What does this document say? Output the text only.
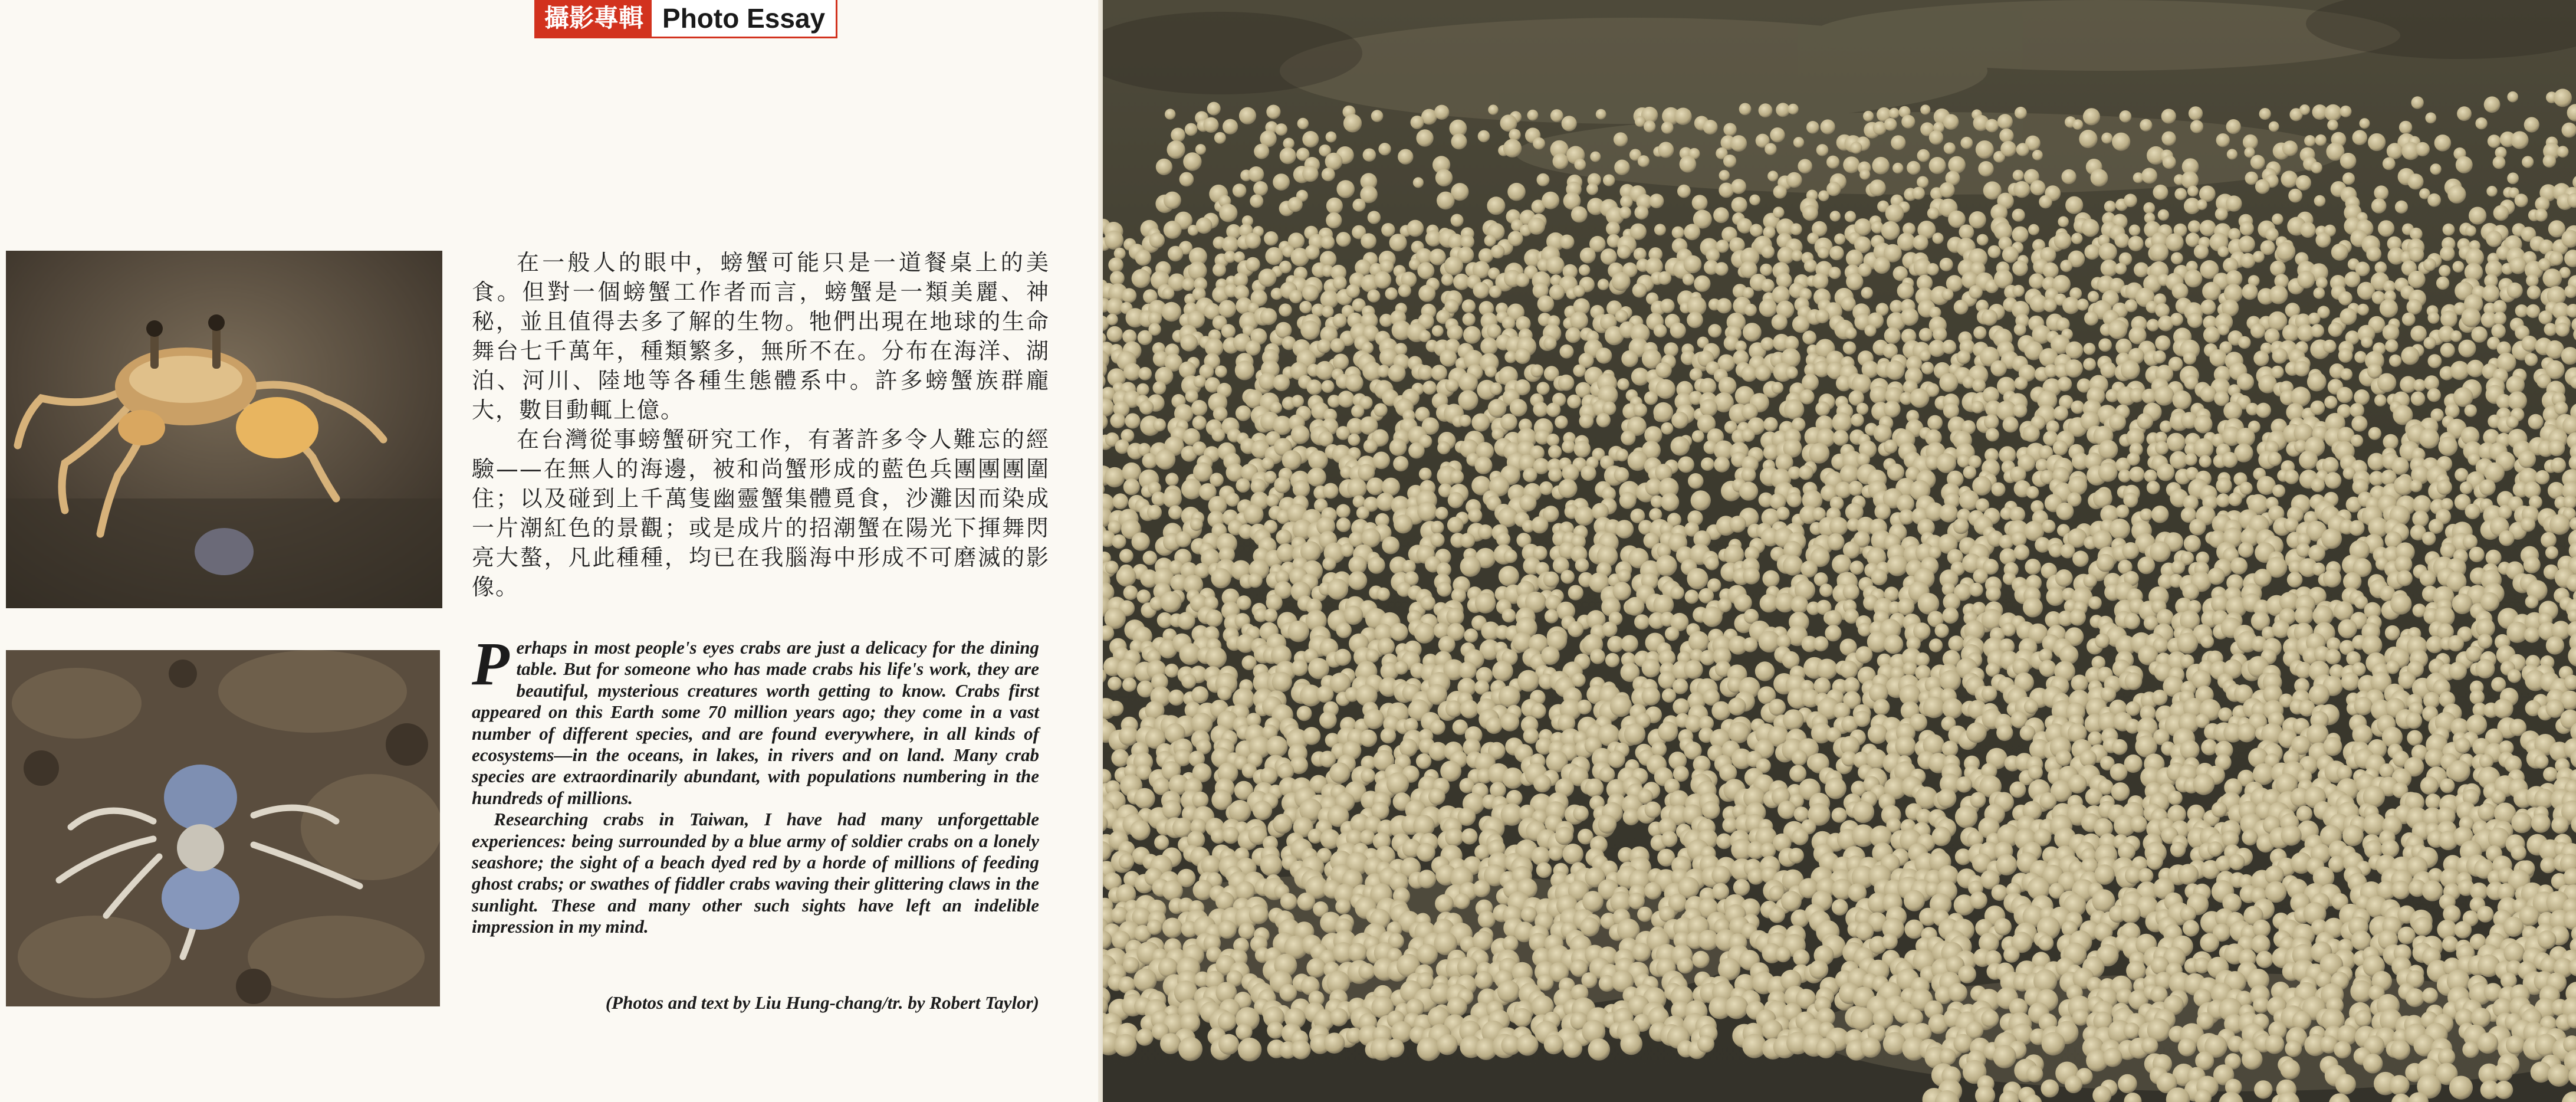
攝影專輯 Photo Essay

在一般人的眼中，螃蟹可能只是一道餐桌上的美食。但對一個螃蟹工作者而言，螃蟹是一類美麗、神秘，並且值得去多了解的生物。牠們出現在地球的生命舞台七千萬年，種類繁多，無所不在。分布在海洋、湖泊、河川、陸地等各種生態體系中。許多螃蟹族群龐大，數目動輒上億。

在台灣從事螃蟹研究工作，有著許多令人難忘的經驗——在無人的海邊，被和尚蟹形成的藍色兵團團團圍住；以及碰到上千萬隻幽靈蟹集體覓食，沙灘因而染成一片潮紅色的景觀；或是成片的招潮蟹在陽光下揮舞閃亮大螯，凡此種種，均已在我腦海中形成不可磨滅的影像。

Perhaps in most people's eyes crabs are just a delicacy for the dining table. But for someone who has made crabs his life's work, they are beautiful, mysterious creatures worth getting to know. Crabs first appeared on this Earth some 70 million years ago; they come in a vast number of different species, and are found everywhere, in all kinds of ecosystems—in the oceans, in lakes, in rivers and on land. Many crab species are extraordinarily abundant, with populations numbering in the hundreds of millions.

Researching crabs in Taiwan, I have had many unforgettable experiences: being surrounded by a blue army of soldier crabs on a lonely seashore; the sight of a beach dyed red by a horde of millions of feeding ghost crabs; or swathes of fiddler crabs waving their glittering claws in the sunlight. These and many other such sights have left an indelible impression in my mind.

(Photos and text by Liu Hung-chang/tr. by Robert Taylor)
